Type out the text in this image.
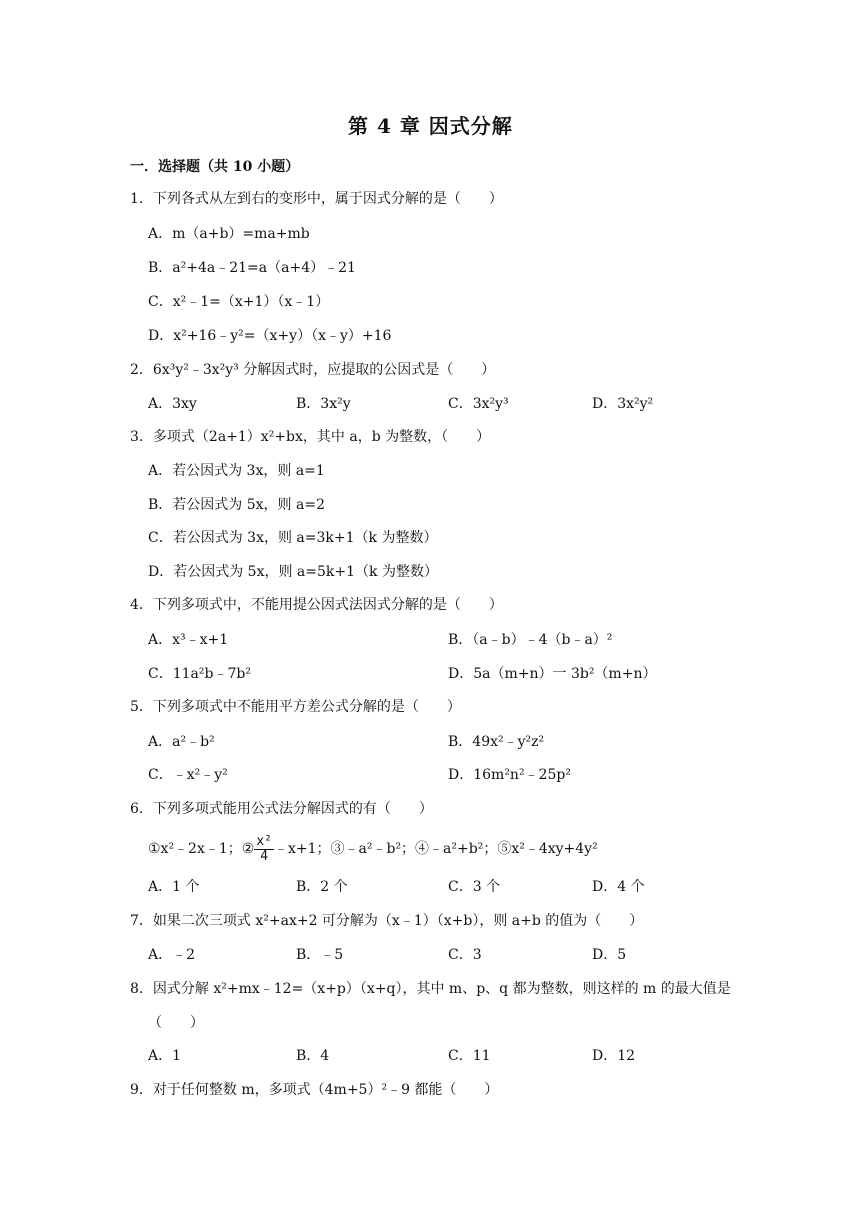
第 4 章 因式分解
一．选择题（共 10 小题）
1．下列各式从左到右的变形中，属于因式分解的是（　　）
A．m（a+b）=ma+mb
B．a²+4a﹣21=a（a+4）﹣21
C．x²﹣1=（x+1）（x﹣1）
D．x²+16﹣y²=（x+y）（x﹣y）+16
2．6x³y²﹣3x²y³ 分解因式时，应提取的公因式是（　　）
A．3xy	B．3x²y	C．3x²y³	D．3x²y²
3．多项式（2a+1）x²+bx，其中 a，b 为整数，（　　）
A．若公因式为 3x，则 a=1
B．若公因式为 5x，则 a=2
C．若公因式为 3x，则 a=3k+1（k 为整数）
D．若公因式为 5x，则 a=5k+1（k 为整数）
4．下列多项式中，不能用提公因式法因式分解的是（　　）
A．x³﹣x+1	B．（a﹣b）﹣4（b﹣a）²
C．11a²b﹣7b²	D．5a（m+n）一 3b²（m+n）
5．下列多项式中不能用平方差公式分解的是（　　）
A．a²﹣b²	B．49x²﹣y²z²
C．﹣x²﹣y²	D．16m²n²﹣25p²
6．下列多项式能用公式法分解因式的有（　　）
①x²﹣2x﹣1；② $\frac{\text{x²}}{4}$ ﹣x+1；③﹣a²﹣b²；④﹣a²+b²；⑤x²﹣4xy+4y²
A．1 个	B．2 个	C．3 个	D．4 个
7．如果二次三项式 x²+ax+2 可分解为（x﹣1）（x+b），则 a+b 的值为（　　）
A．﹣2	B．﹣5	C．3	D．5
8．因式分解 x²+mx﹣12=（x+p）（x+q），其中 m、p、q 都为整数，则这样的 m 的最大值是
（　　）
A．1	B．4	C．11	D．12
9．对于任何整数 m，多项式（4m+5）²﹣9 都能（　　）
